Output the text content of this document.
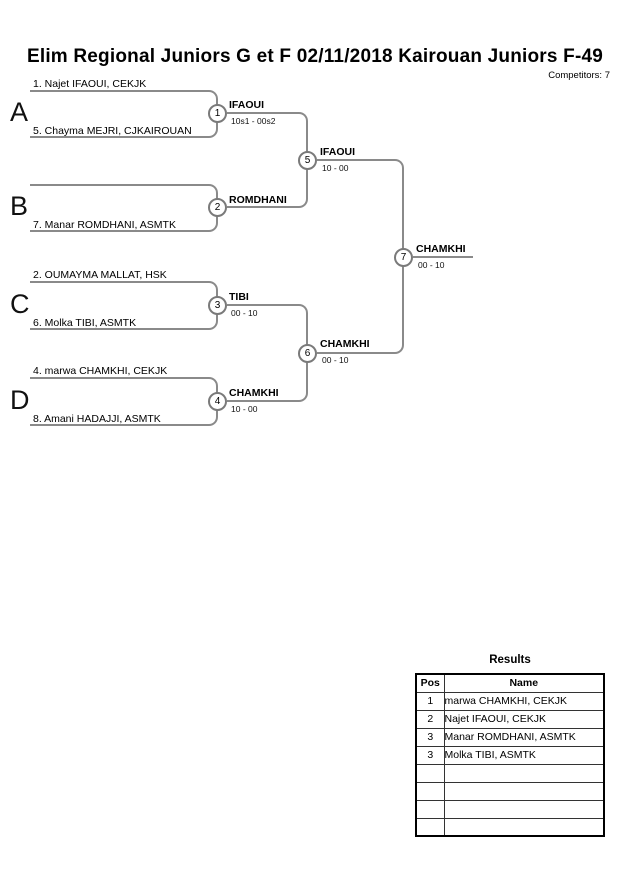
Elim Regional Juniors G et F 02/11/2018 Kairouan Juniors F-49
Competitors: 7
A
B
C
D
1. Najet IFAOUI, CEKJK
5. Chayma MEJRI, CJKAIROUAN
7. Manar ROMDHANI, ASMTK
2. OUMAYMA MALLAT, HSK
6. Molka TIBI, ASMTK
4. marwa CHAMKHI, CEKJK
8. Amani HADAJJI, ASMTK
1
2
3
4
5
6
7
IFAOUI
10s1 - 00s2
ROMDHANI
TIBI
00 - 10
CHAMKHI
10 - 00
IFAOUI
10 - 00
CHAMKHI
00 - 10
CHAMKHI
00 - 10
Results
Pos	Name
1	marwa CHAMKHI, CEKJK
2	Najet IFAOUI, CEKJK
3	Manar ROMDHANI, ASMTK
3	Molka TIBI, ASMTK
